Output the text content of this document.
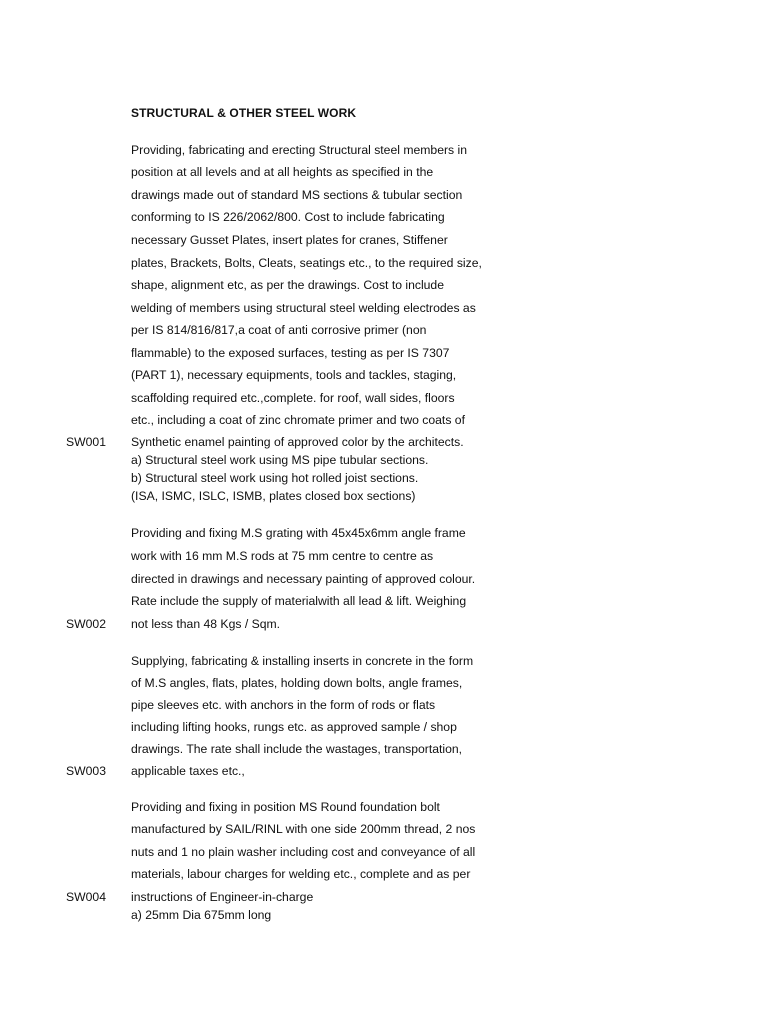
STRUCTURAL & OTHER STEEL WORK
Providing, fabricating and erecting Structural steel members in
position at all levels and at all heights as specified in the
drawings made out of standard MS sections & tubular section
conforming to IS 226/2062/800. Cost to include fabricating
necessary Gusset Plates, insert plates for cranes, Stiffener
plates, Brackets, Bolts, Cleats, seatings etc., to the required size,
shape, alignment etc, as per the drawings. Cost to include
welding of members using structural steel welding electrodes as
per IS 814/816/817,a coat of anti corrosive primer (non
flammable) to the exposed surfaces, testing as per IS 7307
(PART 1), necessary equipments, tools and tackles, staging,
scaffolding required etc.,complete. for roof, wall sides, floors
etc., including a coat of zinc chromate primer and two coats of
SW001 Synthetic enamel painting of approved color by the architects.
a) Structural steel work using MS pipe tubular sections.
b) Structural steel work using hot rolled joist sections.
(ISA, ISMC, ISLC, ISMB, plates closed box sections)
Providing and fixing M.S grating with 45x45x6mm angle frame
work with 16 mm M.S rods at 75 mm centre to centre as
directed in drawings and necessary painting of approved colour.
Rate include the supply of materialwith all lead & lift. Weighing
SW002 not less than 48 Kgs / Sqm.
Supplying, fabricating & installing inserts in concrete in the form
of M.S angles, flats, plates, holding down bolts, angle frames,
pipe sleeves etc. with anchors in the form of rods or flats
including lifting hooks, rungs etc. as approved sample / shop
drawings. The rate shall include the wastages, transportation,
SW003 applicable taxes etc.,
Providing and fixing in position MS Round foundation bolt
manufactured by SAIL/RINL with one side 200mm thread, 2 nos
nuts and 1 no plain washer including cost and conveyance of all
materials, labour charges for welding etc., complete and as per
SW004 instructions of Engineer-in-charge
a) 25mm Dia 675mm long
